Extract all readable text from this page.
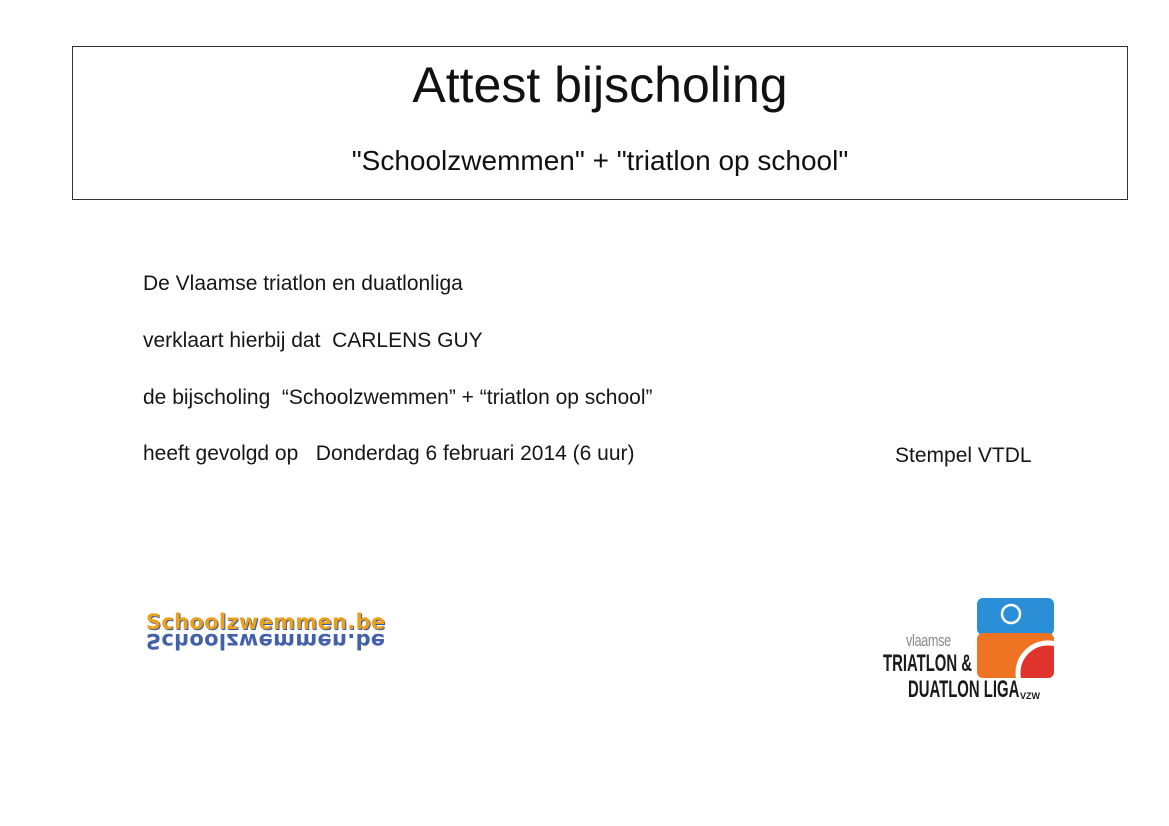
Attest bijscholing
"Schoolzwemmen" + "triatlon op school"
De Vlaamse triatlon en duatlonliga
verklaart hierbij dat  CARLENS GUY
de bijscholing  “Schoolzwemmen” + “triatlon op school”
heeft gevolgd op   Donderdag 6 februari 2014 (6 uur)	Stempel VTDL
Schoolzwemmen.be
Schoolzwemmen.be	vlaamse
TRIATLON &
DUATLON LIGA VZW
